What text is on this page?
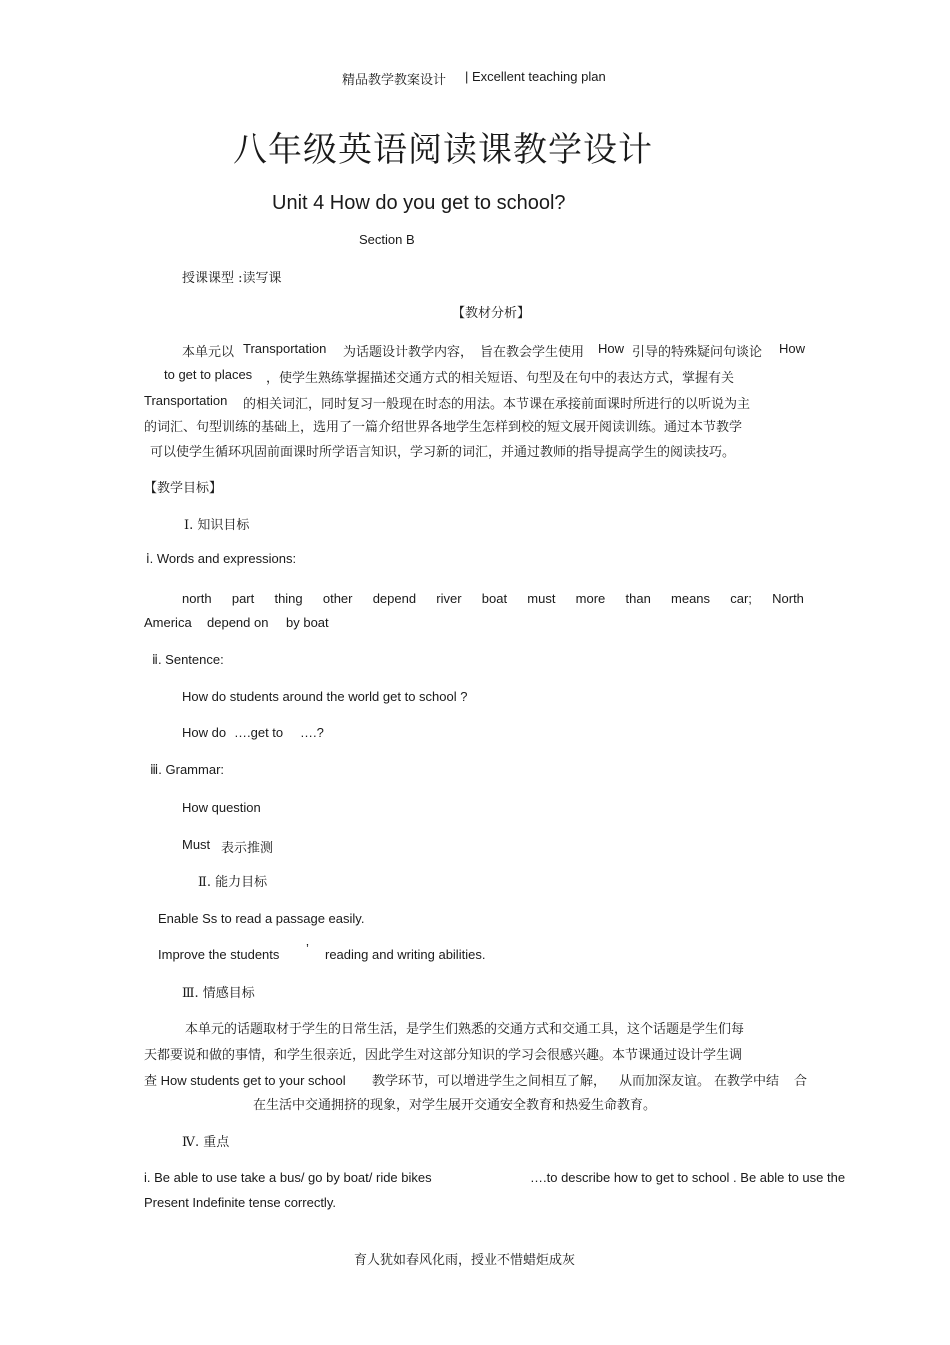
精品教学教案设计 | Excellent teaching plan
八年级英语阅读课教学设计
Unit 4 How do you get to school?
Section B
授课课型 :读写课
【教材分析】
本单元以 Transportation 为话题设计教学内容， 旨在教会学生使用 How 引导的特殊疑问句谈论 How
to get to places ，使学生熟练掌握描述交通方式的相关短语、句型及在句中的表达方式，掌握有关
Transportation 的相关词汇，同时复习一般现在时态的用法。本节课在承接前面课时所进行的以听说为主
的词汇、句型训练的基础上，选用了一篇介绍世界各地学生怎样到校的短文展开阅读训练。通过本节教学
可以使学生循环巩固前面课时所学语言知识，学习新的词汇，并通过教师的指导提高学生的阅读技巧。
【教学目标】
Ⅰ. 知识目标
ⅰ. Words and expressions:
north part thing other depend river boat must more than means car; North
America depend on by boat
ⅱ. Sentence:
How do students around the world get to school ?
How do ….get to ….?
ⅲ. Grammar:
How question
Must 表示推测
Ⅱ. 能力目标
Enable Ss to read a passage easily.
Improve the students ’ reading and writing abilities.
Ⅲ. 情感目标
本单元的话题取材于学生的日常生活，是学生们熟悉的交通方式和交通工具，这个话题是学生们每
天都要说和做的事情，和学生很亲近，因此学生对这部分知识的学习会很感兴趣。本节课通过设计学生调
查 How students get to your school 教学环节，可以增进学生之间相互了解， 从而加深友谊。 在教学中结 合
在生活中交通拥挤的现象，对学生展开交通安全教育和热爱生命教育。
Ⅳ. 重点
i. Be able to use take a bus/ go by boat/ ride bikes	….to describe how to get to school . Be able to use the
Present Indefinite tense correctly.
育人犹如春风化雨，授业不惜蜡炬成灰
